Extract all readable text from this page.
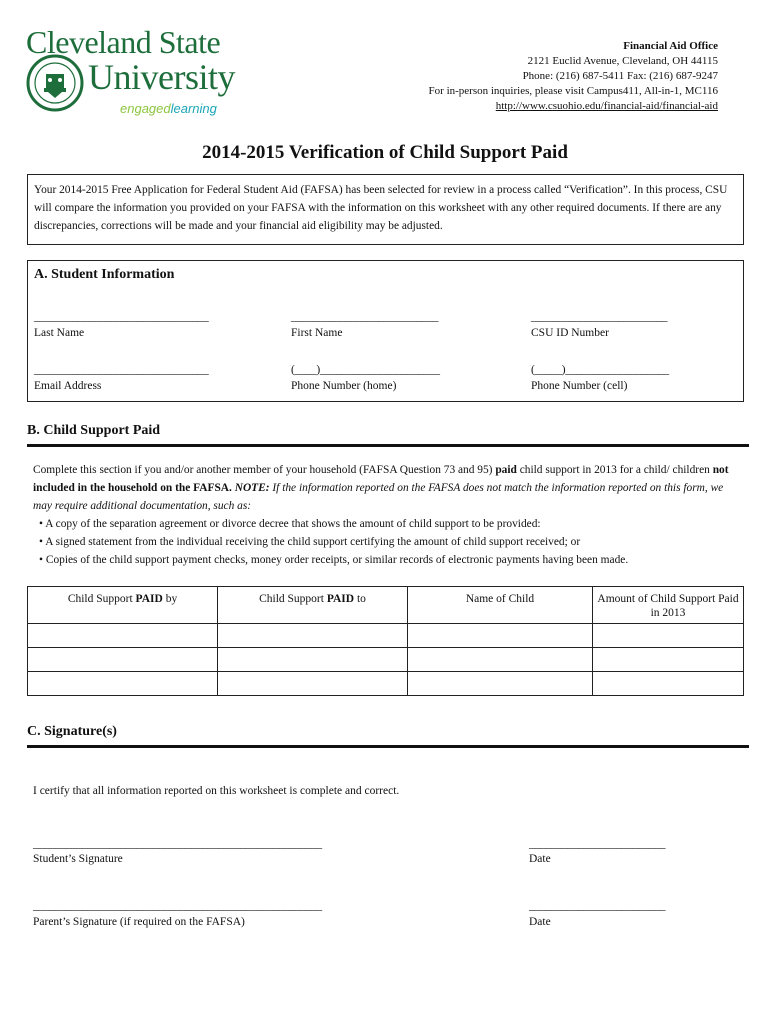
Cleveland State
University
engagedlearning
Financial Aid Office
2121 Euclid Avenue, Cleveland, OH 44115
Phone: (216) 687-5411 Fax: (216) 687-9247
For in-person inquiries, please visit Campus411, All-in-1, MC116
http://www.csuohio.edu/financial-aid/financial-aid
2014-2015 Verification of Child Support Paid
Your 2014-2015 Free Application for Federal Student Aid (FAFSA) has been selected for review in a process called “Verification”. In this process, CSU will compare the information you provided on your FAFSA with the information on this worksheet with any other required documents. If there are any discrepancies, corrections will be made and your financial aid eligibility may be adjusted.
A. Student Information
________________________________	___________________________	_________________________
Last Name	First Name	CSU ID Number
________________________________	(____)______________________	(_____)___________________
Email Address	Phone Number (home)	Phone Number (cell)
B. Child Support Paid
Complete this section if you and/or another member of your household (FAFSA Question 73 and 95) paid child support in 2013 for a child/ children not included in the household on the FAFSA. NOTE: If the information reported on the FAFSA does not match the information reported on this form, we may require additional documentation, such as:
• A copy of the separation agreement or divorce decree that shows the amount of child support to be provided:
• A signed statement from the individual receiving the child support certifying the amount of child support received; or
• Copies of the child support payment checks, money order receipts, or similar records of electronic payments having been made.
Child Support PAID by	Child Support PAID to	Name of Child	Amount of Child Support Paid in 2013

C. Signature(s)
I certify that all information reported on this worksheet is complete and correct.
_____________________________________________________	_________________________
Student’s Signature	Date
_____________________________________________________	_________________________
Parent’s Signature (if required on the FAFSA)	Date
